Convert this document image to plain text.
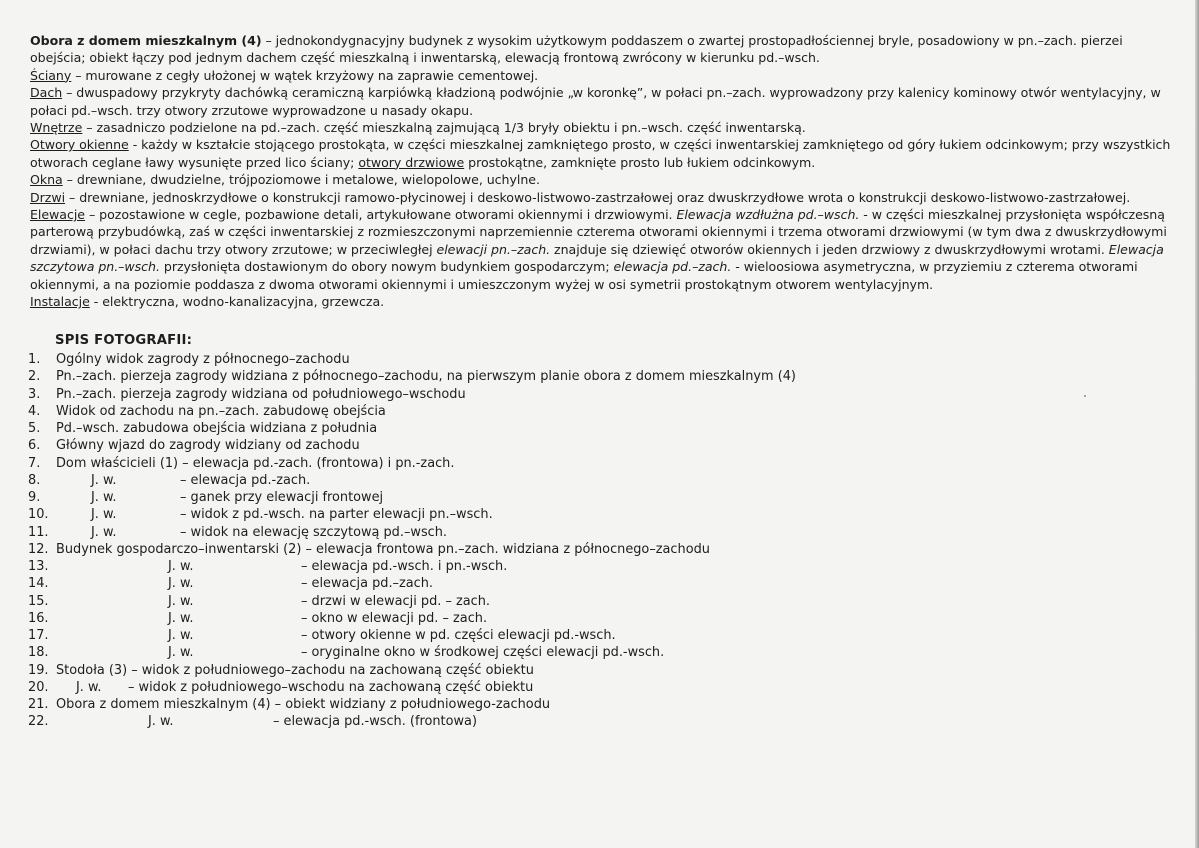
Obora z domem mieszkalnym (4) – jednokondygnacyjny budynek z wysokim użytkowym poddaszem o zwartej prostopadłościennej bryle, posadowiony w pn.–zach. pierzei obejścia; obiekt łączy pod jednym dachem część mieszkalną i inwentarską, elewacją frontową zwrócony w kierunku pd.–wsch.

Ściany – murowane z cegły ułożonej w wątek krzyżowy na zaprawie cementowej.

Dach – dwuspadowy przykryty dachówką ceramiczną karpiówką kładzioną podwójnie „w koronkę”, w połaci pn.–zach. wyprowadzony przy kalenicy kominowy otwór wentylacyjny, w połaci pd.–wsch. trzy otwory zrzutowe wyprowadzone u nasady okapu.

Wnętrze – zasadniczo podzielone na pd.–zach. część mieszkalną zajmującą 1/3 bryły obiektu i pn.–wsch. część inwentarską.

Otwory okienne - każdy w kształcie stojącego prostokąta, w części mieszkalnej zamkniętego prosto, w części inwentarskiej zamkniętego od góry łukiem odcinkowym; przy wszystkich otworach ceglane ławy wysunięte przed lico ściany; otwory drzwiowe prostokątne, zamknięte prosto lub łukiem odcinkowym.

Okna – drewniane, dwudzielne, trójpoziomowe i metalowe, wielopolowe, uchylne.

Drzwi – drewniane, jednoskrzydłowe o konstrukcji ramowo-płycinowej i deskowo-listwowo-zastrzałowej oraz dwuskrzydłowe wrota o konstrukcji deskowo-listwowo-zastrzałowej.

Elewacje – pozostawione w cegle, pozbawione detali, artykułowane otworami okiennymi i drzwiowymi. Elewacja wzdłużna pd.–wsch. - w części mieszkalnej przysłonięta współczesną parterową przybudówką, zaś w części inwentarskiej z rozmieszczonymi naprzemiennie czterema otworami okiennymi i trzema otworami drzwiowymi (w tym dwa z dwuskrzydłowymi drzwiami), w połaci dachu trzy otwory zrzutowe; w przeciwległej elewacji pn.–zach. znajduje się dziewięć otworów okiennych i jeden drzwiowy z dwuskrzydłowymi wrotami. Elewacja szczytowa pn.–wsch. przysłonięta dostawionym do obory nowym budynkiem gospodarczym; elewacja pd.–zach. - wieloosiowa asymetryczna, w przyziemiu z czterema otworami okiennymi, a na poziomie poddasza z dwoma otworami okiennymi i umieszczonym wyżej w osi symetrii prostokątnym otworem wentylacyjnym.

Instalacje - elektryczna, wodno-kanalizacyjna, grzewcza.

SPIS FOTOGRAFII:
1. Ogólny widok zagrody z północnego–zachodu
2. Pn.–zach. pierzeja zagrody widziana z północnego–zachodu, na pierwszym planie obora z domem mieszkalnym (4)
3. Pn.–zach. pierzeja zagrody widziana od południowego–wschodu
4. Widok od zachodu na pn.–zach. zabudowę obejścia
5. Pd.–wsch. zabudowa obejścia widziana z południa
6. Główny wjazd do zagrody widziany od zachodu
7. Dom właścicieli (1) – elewacja pd.-zach. (frontowa) i pn.-zach.
8.	J. w.	– elewacja pd.-zach.
9.	J. w.	– ganek przy elewacji frontowej
10.	J. w.	– widok z pd.-wsch. na parter elewacji pn.–wsch.
11.	J. w.	– widok na elewację szczytową pd.–wsch.
12. Budynek gospodarczo–inwentarski (2) – elewacja frontowa pn.–zach. widziana z północnego–zachodu
13.	J. w.	– elewacja pd.-wsch. i pn.-wsch.
14.	J. w.	– elewacja pd.–zach.
15.	J. w.	– drzwi w elewacji pd. – zach.
16.	J. w.	– okno w elewacji pd. – zach.
17.	J. w.	– otwory okienne w pd. części elewacji pd.-wsch.
18.	J. w.	– oryginalne okno w środkowej części elewacji pd.-wsch.
19. Stodoła (3) – widok z południowego–zachodu na zachowaną część obiektu
20. J. w. – widok z południowego–wschodu na zachowaną część obiektu
21. Obora z domem mieszkalnym (4) – obiekt widziany z południowego-zachodu
22.	J. w.	– elewacja pd.-wsch. (frontowa)
